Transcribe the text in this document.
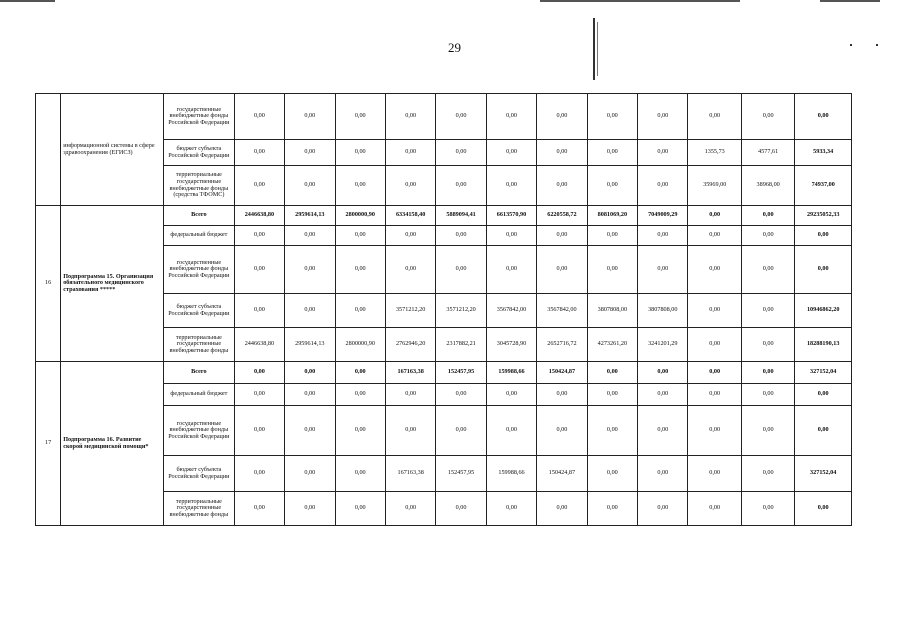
29
	информационной системы в сфере здравоохранения (ЕГИСЗ)	государственные внебюджетные фонды Российской Федерации	0,00	0,00	0,00	0,00	0,00	0,00	0,00	0,00	0,00	0,00	0,00	0,00
		бюджет субъекта Российской Федерации	0,00	0,00	0,00	0,00	0,00	0,00	0,00	0,00	0,00	1355,73	4577,61	5933,34
		территориальные государственные внебюджетные фонды (средства ТФОМС)	0,00	0,00	0,00	0,00	0,00	0,00	0,00	0,00	0,00	35969,00	38968,00	74937,00
16	Подпрограмма 15. Организация обязательного медицинского страхования *****	Всего	2446638,80	2959614,13	2800000,90	6334158,40	5889094,41	6613570,90	6220558,72	8081069,20	7049009,29	0,00	0,00	29235052,33
		федеральный бюджет	0,00	0,00	0,00	0,00	0,00	0,00	0,00	0,00	0,00	0,00	0,00	0,00
		государственные внебюджетные фонды Российской Федерации	0,00	0,00	0,00	0,00	0,00	0,00	0,00	0,00	0,00	0,00	0,00	0,00
		бюджет субъекта Российской Федерации	0,00	0,00	0,00	3571212,20	3571212,20	3567842,00	3567842,00	3807808,00	3807808,00	0,00	0,00	10946862,20
		территориальные государственные внебюджетные фонды	2446638,80	2959614,13	2800000,90	2762946,20	2317882,21	3045728,90	2652716,72	4273261,20	3241201,29	0,00	0,00	18288190,13
17	Подпрограмма 16. Развитие скорой медицинской помощи*	Всего	0,00	0,00	0,00	167163,38	152457,95	159988,66	150424,87	0,00	0,00	0,00	0,00	327152,04
		федеральный бюджет	0,00	0,00	0,00	0,00	0,00	0,00	0,00	0,00	0,00	0,00	0,00	0,00
		государственные внебюджетные фонды Российской Федерации	0,00	0,00	0,00	0,00	0,00	0,00	0,00	0,00	0,00	0,00	0,00	0,00
		бюджет субъекта Российской Федерации	0,00	0,00	0,00	167163,38	152457,95	159988,66	150424,87	0,00	0,00	0,00	0,00	327152,04
		территориальные государственные внебюджетные фонды	0,00	0,00	0,00	0,00	0,00	0,00	0,00	0,00	0,00	0,00	0,00	0,00
